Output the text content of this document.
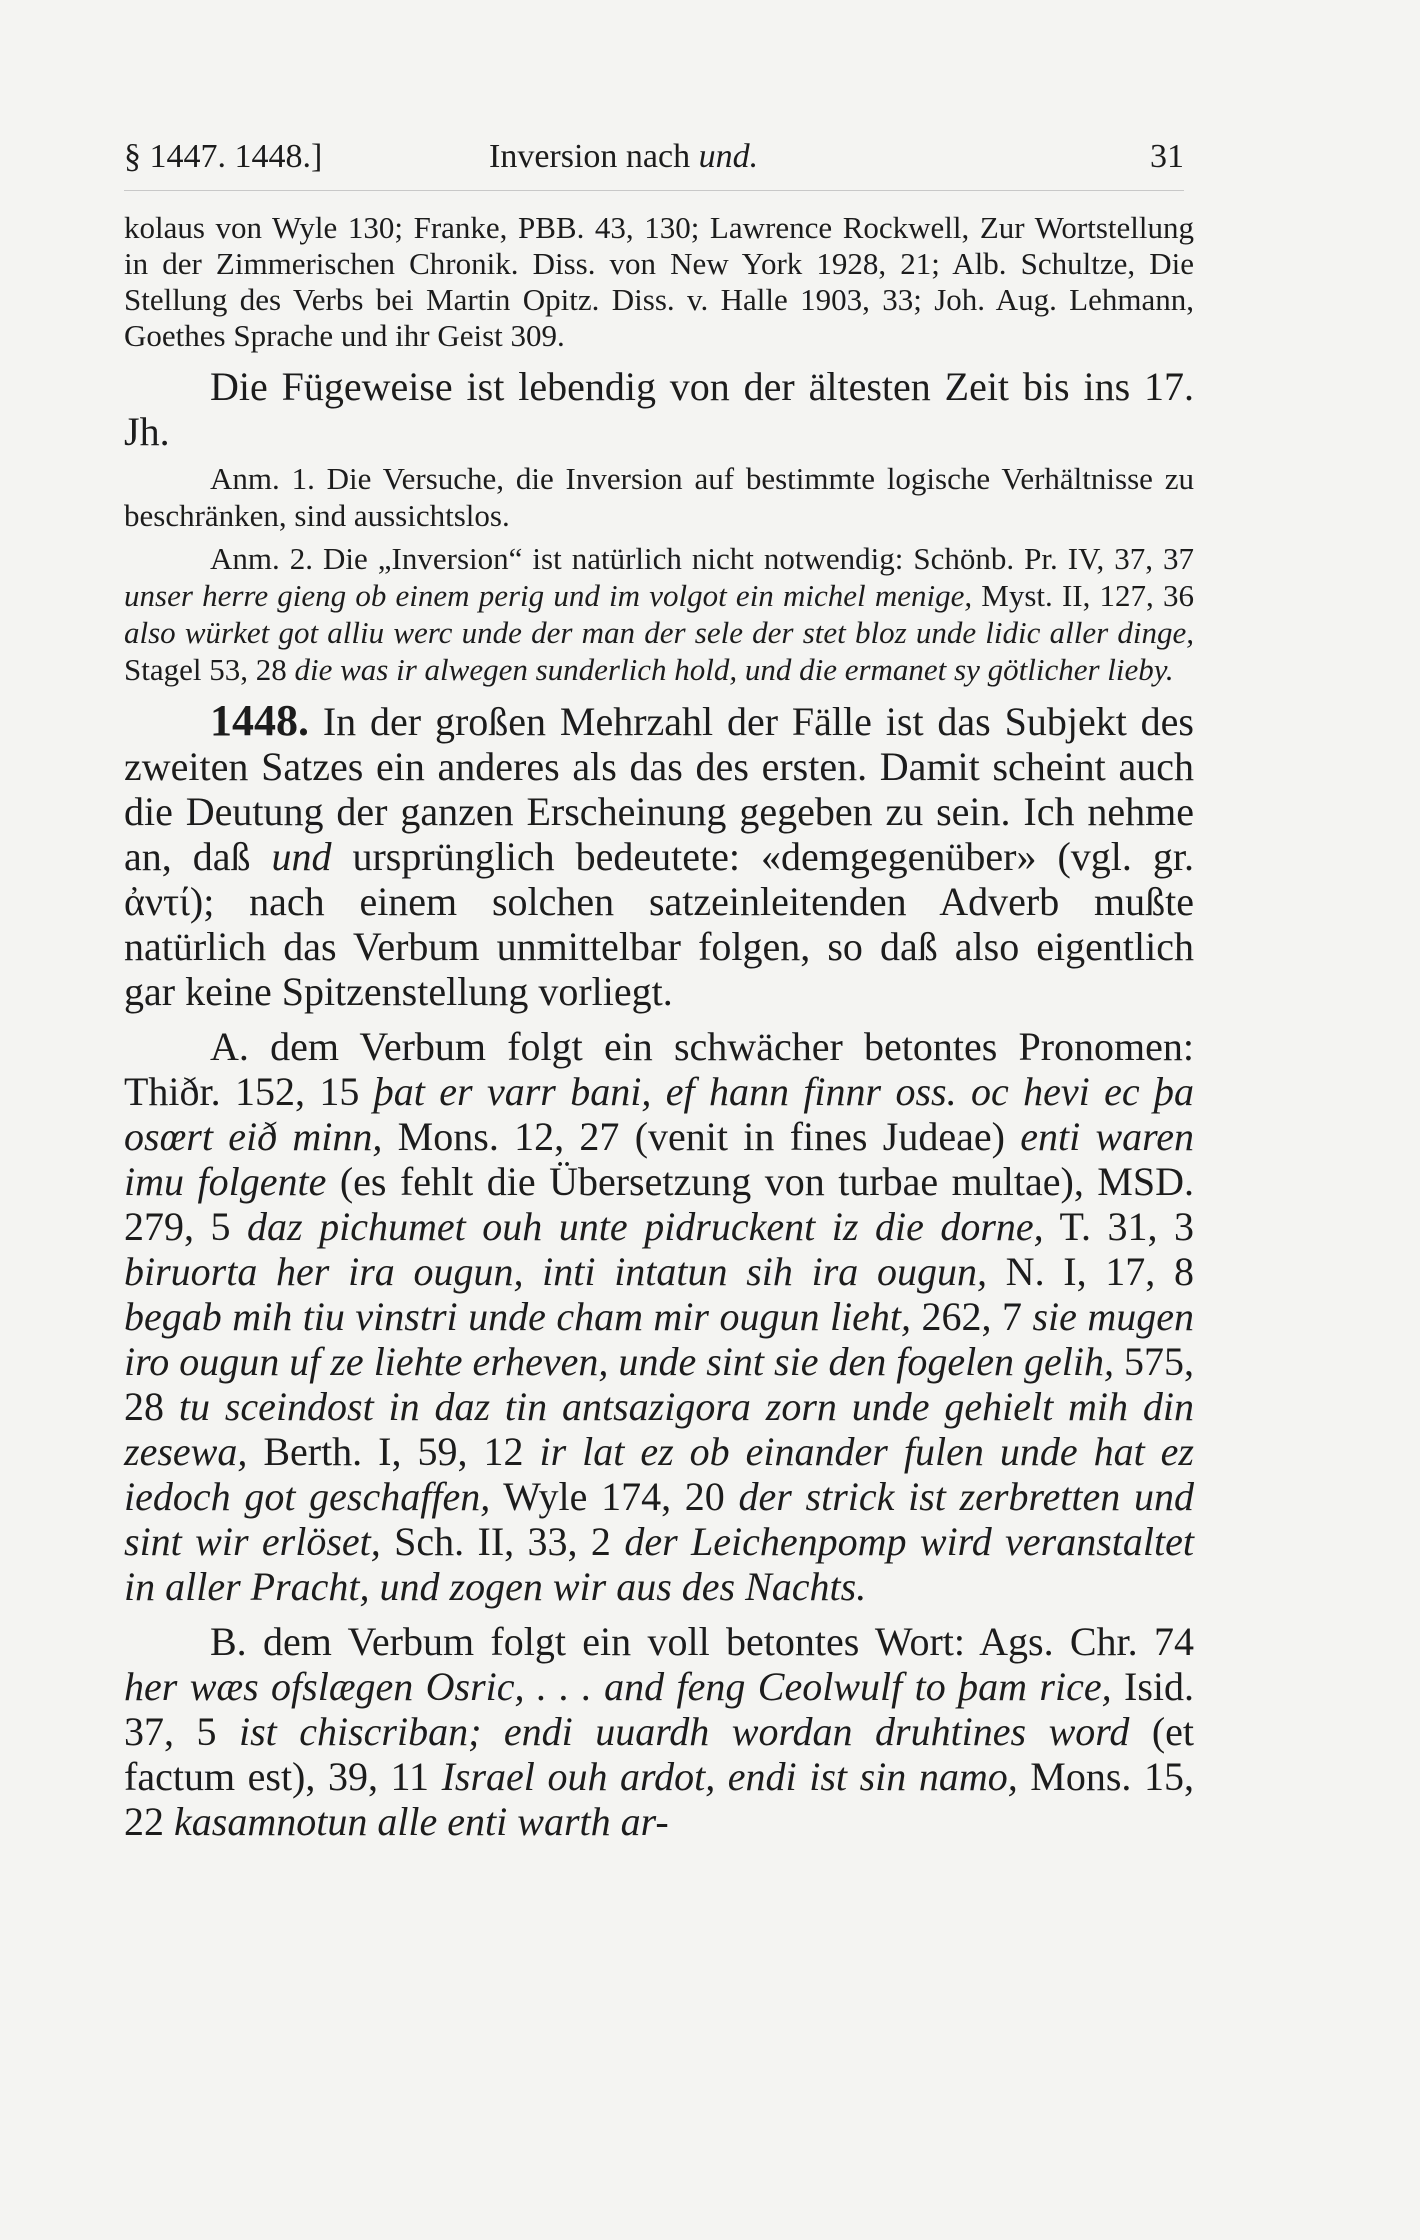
§ 1447. 1448.]	Inversion nach und.	31

kolaus von Wyle 130; Franke, PBB. 43, 130; Lawrence Rockwell, Zur Wortstellung in der Zimmerischen Chronik. Diss. von New York 1928, 21; Alb. Schultze, Die Stellung des Verbs bei Martin Opitz. Diss. v. Halle 1903, 33; Joh. Aug. Lehmann, Goethes Sprache und ihr Geist 309.

Die Fügeweise ist lebendig von der ältesten Zeit bis ins 17. Jh.

Anm. 1. Die Versuche, die Inversion auf bestimmte logische Verhältnisse zu beschränken, sind aussichtslos.

Anm. 2. Die „Inversion“ ist natürlich nicht notwendig: Schönb. Pr. IV, 37, 37 unser herre gieng ob einem perig und im volgot ein michel menige, Myst. II, 127, 36 also würket got alliu werc unde der man der sele der stet bloz unde lidic aller dinge, Stagel 53, 28 die was ir alwegen sunderlich hold, und die ermanet sy götlicher lieby.

1448. In der großen Mehrzahl der Fälle ist das Subjekt des zweiten Satzes ein anderes als das des ersten. Damit scheint auch die Deutung der ganzen Erscheinung gegeben zu sein. Ich nehme an, daß und ursprünglich bedeutete: «demgegenüber» (vgl. gr. ἀντί); nach einem solchen satzeinleitenden Adverb mußte natürlich das Verbum unmittelbar folgen, so daß also eigentlich gar keine Spitzenstellung vorliegt.

A. dem Verbum folgt ein schwächer betontes Pronomen: Thiðr. 152, 15 þat er varr bani, ef hann finnr oss. oc hevi ec þa osœrt eið minn, Mons. 12, 27 (venit in fines Judeae) enti waren imu folgente (es fehlt die Übersetzung von turbae multae), MSD. 279, 5 daz pichumet ouh unte pidruckent iz die dorne, T. 31, 3 biruorta her ira ougun, inti intatun sih ira ougun, N. I, 17, 8 begab mih tiu vinstri unde cham mir ougun lieht, 262, 7 sie mugen iro ougun uf ze liehte erheven, unde sint sie den fogelen gelih, 575, 28 tu sceindost in daz tin antsazigora zorn unde gehielt mih din zesewa, Berth. I, 59, 12 ir lat ez ob einander fulen unde hat ez iedoch got geschaffen, Wyle 174, 20 der strick ist zerbretten und sint wir erlöset, Sch. II, 33, 2 der Leichenpomp wird veranstaltet in aller Pracht, und zogen wir aus des Nachts.

B. dem Verbum folgt ein voll betontes Wort: Ags. Chr. 74 her wæs ofslægen Osric, . . . and feng Ceolwulf to þam rice, Isid. 37, 5 ist chiscriban; endi uuardh wordan druhtines word (et factum est), 39, 11 Israel ouh ardot, endi ist sin namo, Mons. 15, 22 kasamnotun alle enti warth ar-
